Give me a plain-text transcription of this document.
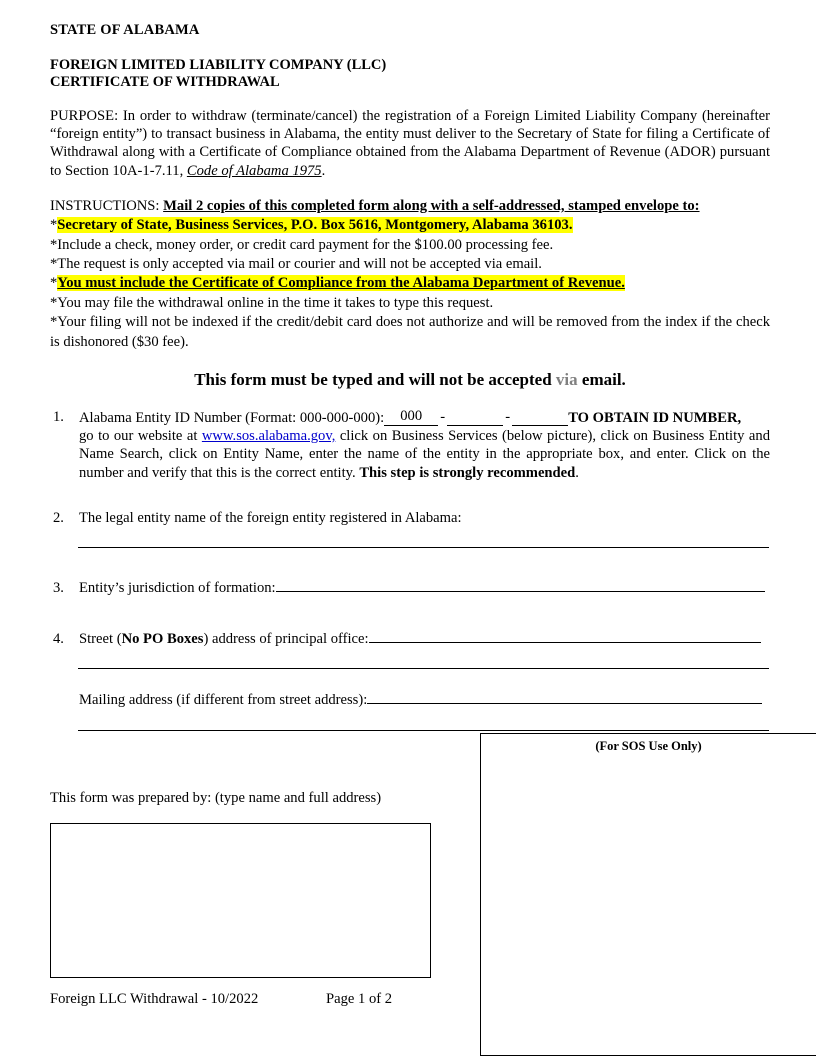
STATE OF ALABAMA
FOREIGN LIMITED LIABILITY COMPANY (LLC)
CERTIFICATE OF WITHDRAWAL
PURPOSE: In order to withdraw (terminate/cancel) the registration of a Foreign Limited Liability Company (hereinafter “foreign entity”) to transact business in Alabama, the entity must deliver to the Secretary of State for filing a Certificate of Withdrawal along with a Certificate of Compliance obtained from the Alabama Department of Revenue (ADOR) pursuant to Section 10A-1-7.11, Code of Alabama 1975.
INSTRUCTIONS: Mail 2 copies of this completed form along with a self-addressed, stamped envelope to:
*Secretary of State, Business Services, P.O. Box 5616, Montgomery, Alabama 36103.
*Include a check, money order, or credit card payment for the $100.00 processing fee.
*The request is only accepted via mail or courier and will not be accepted via email.
*You must include the Certificate of Compliance from the Alabama Department of Revenue.
*You may file the withdrawal online in the time it takes to type this request.
*Your filing will not be indexed if the credit/debit card does not authorize and will be removed from the index if the check is dishonored ($30 fee).
This form must be typed and will not be accepted via email.
1. Alabama Entity ID Number (Format: 000-000-000): 000 -	-	TO OBTAIN ID NUMBER,
go to our website at www.sos.alabama.gov, click on Business Services (below picture), click on Business Entity and Name Search, click on Entity Name, enter the name of the entity in the appropriate box, and enter. Click on the number and verify that this is the correct entity. This step is strongly recommended.
2. The legal entity name of the foreign entity registered in Alabama:
3. Entity’s jurisdiction of formation:
4. Street (No PO Boxes) address of principal office:
Mailing address (if different from street address):
This form was prepared by: (type name and full address)
(For SOS Use Only)
Foreign LLC Withdrawal - 10/2022	Page 1 of 2
